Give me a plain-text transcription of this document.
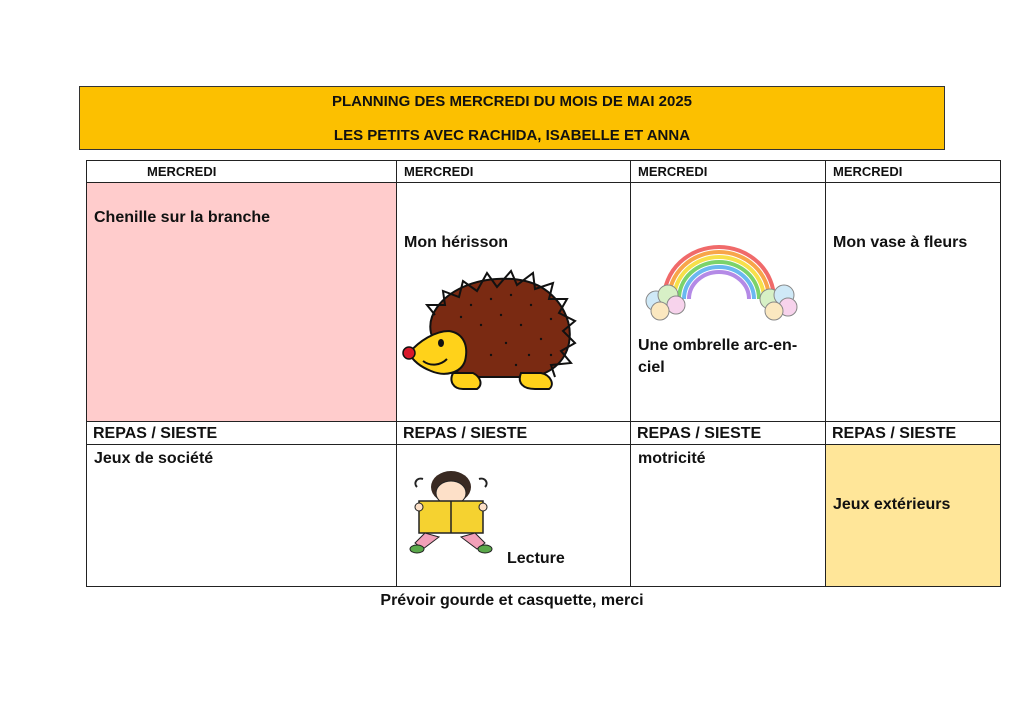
PLANNING DES MERCREDI DU MOIS DE MAI 2025
LES PETITS AVEC RACHIDA, ISABELLE ET ANNA
MERCREDI	MERCREDI	MERCREDI	MERCREDI

Chenille sur la branche	Mon hérisson	Une ombrelle arc-en-ciel	Mon vase à fleurs

REPAS / SIESTE	REPAS / SIESTE	REPAS / SIESTE	REPAS / SIESTE

Jeux de société	Lecture	motricité	Jeux extérieurs
Prévoir gourde et casquette, merci
